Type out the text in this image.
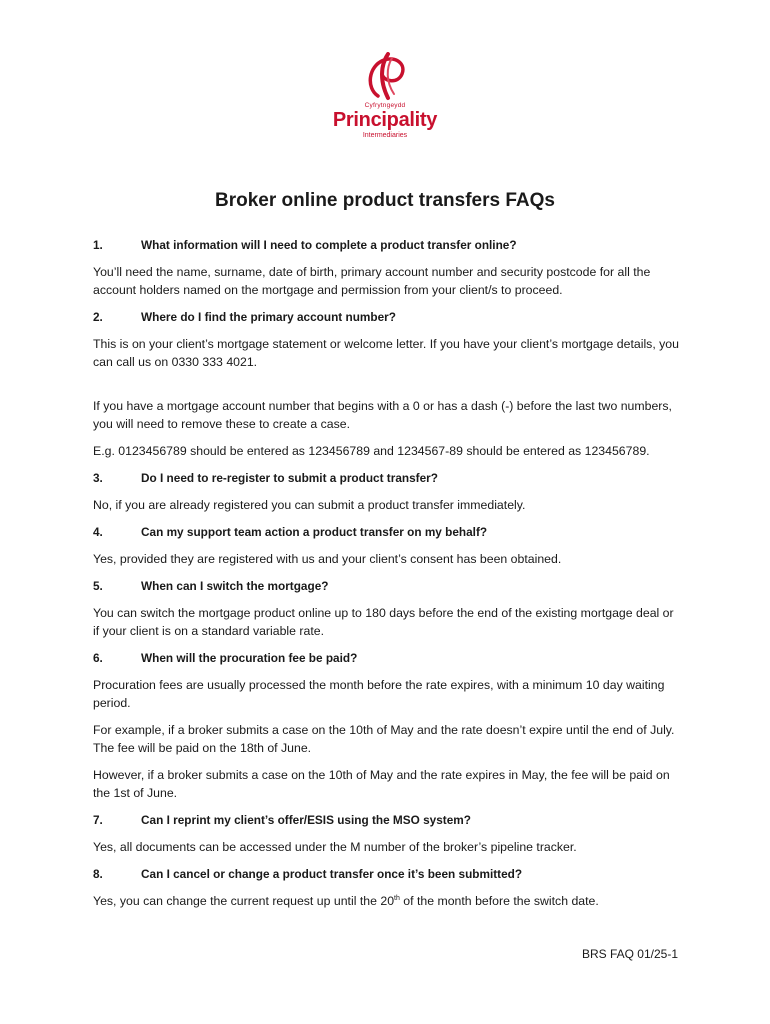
Cyfrytngeydd
Principality
Intermediaries
Broker online product transfers FAQs
1.	What information will I need to complete a product transfer online?
You’ll need the name, surname, date of birth, primary account number and security postcode for all the account holders named on the mortgage and permission from your client/s to proceed.
2.	Where do I find the primary account number?
This is on your client’s mortgage statement or welcome letter. If you have your client’s mortgage details, you can call us on 0330 333 4021.
If you have a mortgage account number that begins with a 0 or has a dash (-) before the last two numbers, you will need to remove these to create a case.
E.g. 0123456789 should be entered as 123456789 and 1234567-89 should be entered as 123456789.
3.	Do I need to re-register to submit a product transfer?
No, if you are already registered you can submit a product transfer immediately.
4.	Can my support team action a product transfer on my behalf?
Yes, provided they are registered with us and your client’s consent has been obtained.
5.	When can I switch the mortgage?
You can switch the mortgage product online up to 180 days before the end of the existing mortgage deal or if your client is on a standard variable rate.
6.	When will the procuration fee be paid?
Procuration fees are usually processed the month before the rate expires, with a minimum 10 day waiting period.
For example, if a broker submits a case on the 10th of May and the rate doesn’t expire until the end of July. The fee will be paid on the 18th of June.
However, if a broker submits a case on the 10th of May and the rate expires in May, the fee will be paid on the 1st of June.
7.	Can I reprint my client’s offer/ESIS using the MSO system?
Yes, all documents can be accessed under the M number of the broker’s pipeline tracker.
8.	Can I cancel or change a product transfer once it’s been submitted?
Yes, you can change the current request up until the 20th of the month before the switch date.
BRS FAQ 01/25-1
